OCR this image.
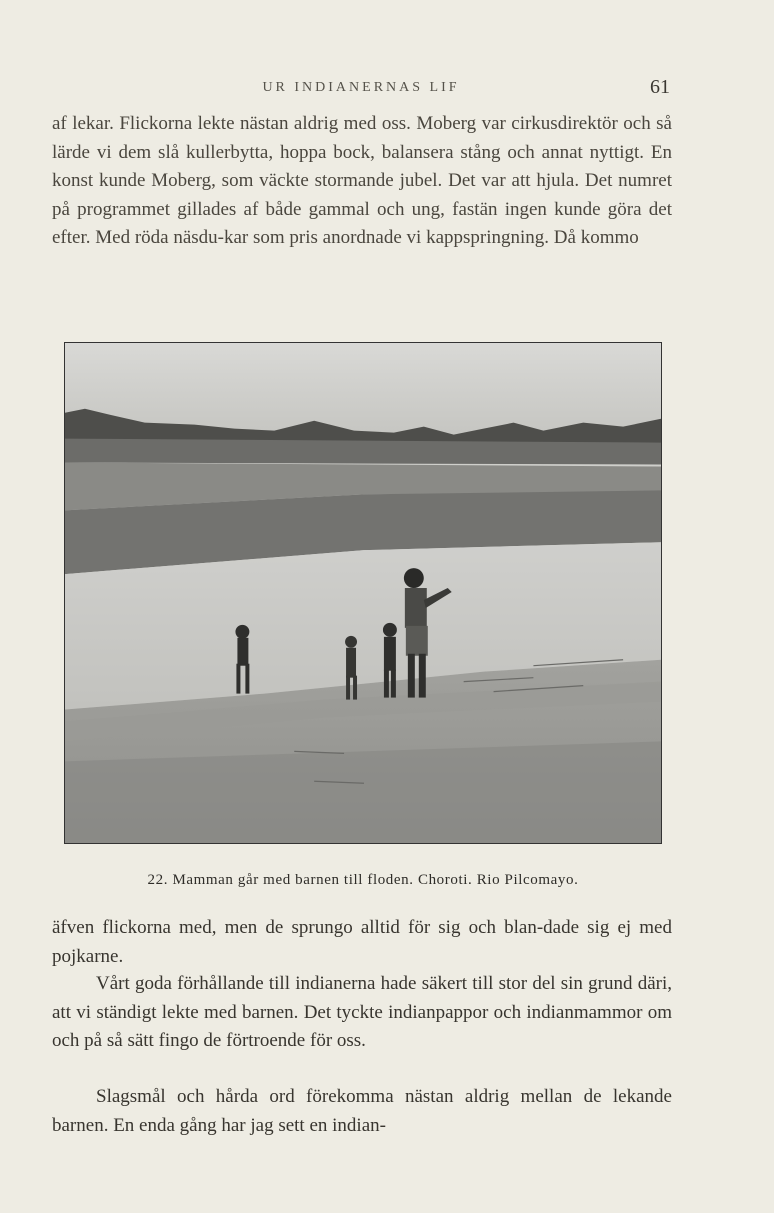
UR INDIANERNAS LIF	61

af lekar. Flickorna lekte nästan aldrig med oss. Moberg var cirkusdirektör och så lärde vi dem slå kullerbytta, hoppa bock, balansera stång och annat nyttigt. En konst kunde Moberg, som väckte stormande jubel. Det var att hjula. Det numret på programmet gillades af både gammal och ung, fastän ingen kunde göra det efter. Med röda näsdu-kar som pris anordnade vi kappspringning. Då kommo

22. Mamman går med barnen till floden. Choroti. Rio Pilcomayo.

äfven flickorna med, men de sprungo alltid för sig och blan-dade sig ej med pojkarne.

Vårt goda förhållande till indianerna hade säkert till stor del sin grund däri, att vi ständigt lekte med barnen. Det tyckte indianpappor och indianmammor om och på så sätt fingo de förtroende för oss.

Slagsmål och hårda ord förekomma nästan aldrig mellan de lekande barnen. En enda gång har jag sett en indian-
